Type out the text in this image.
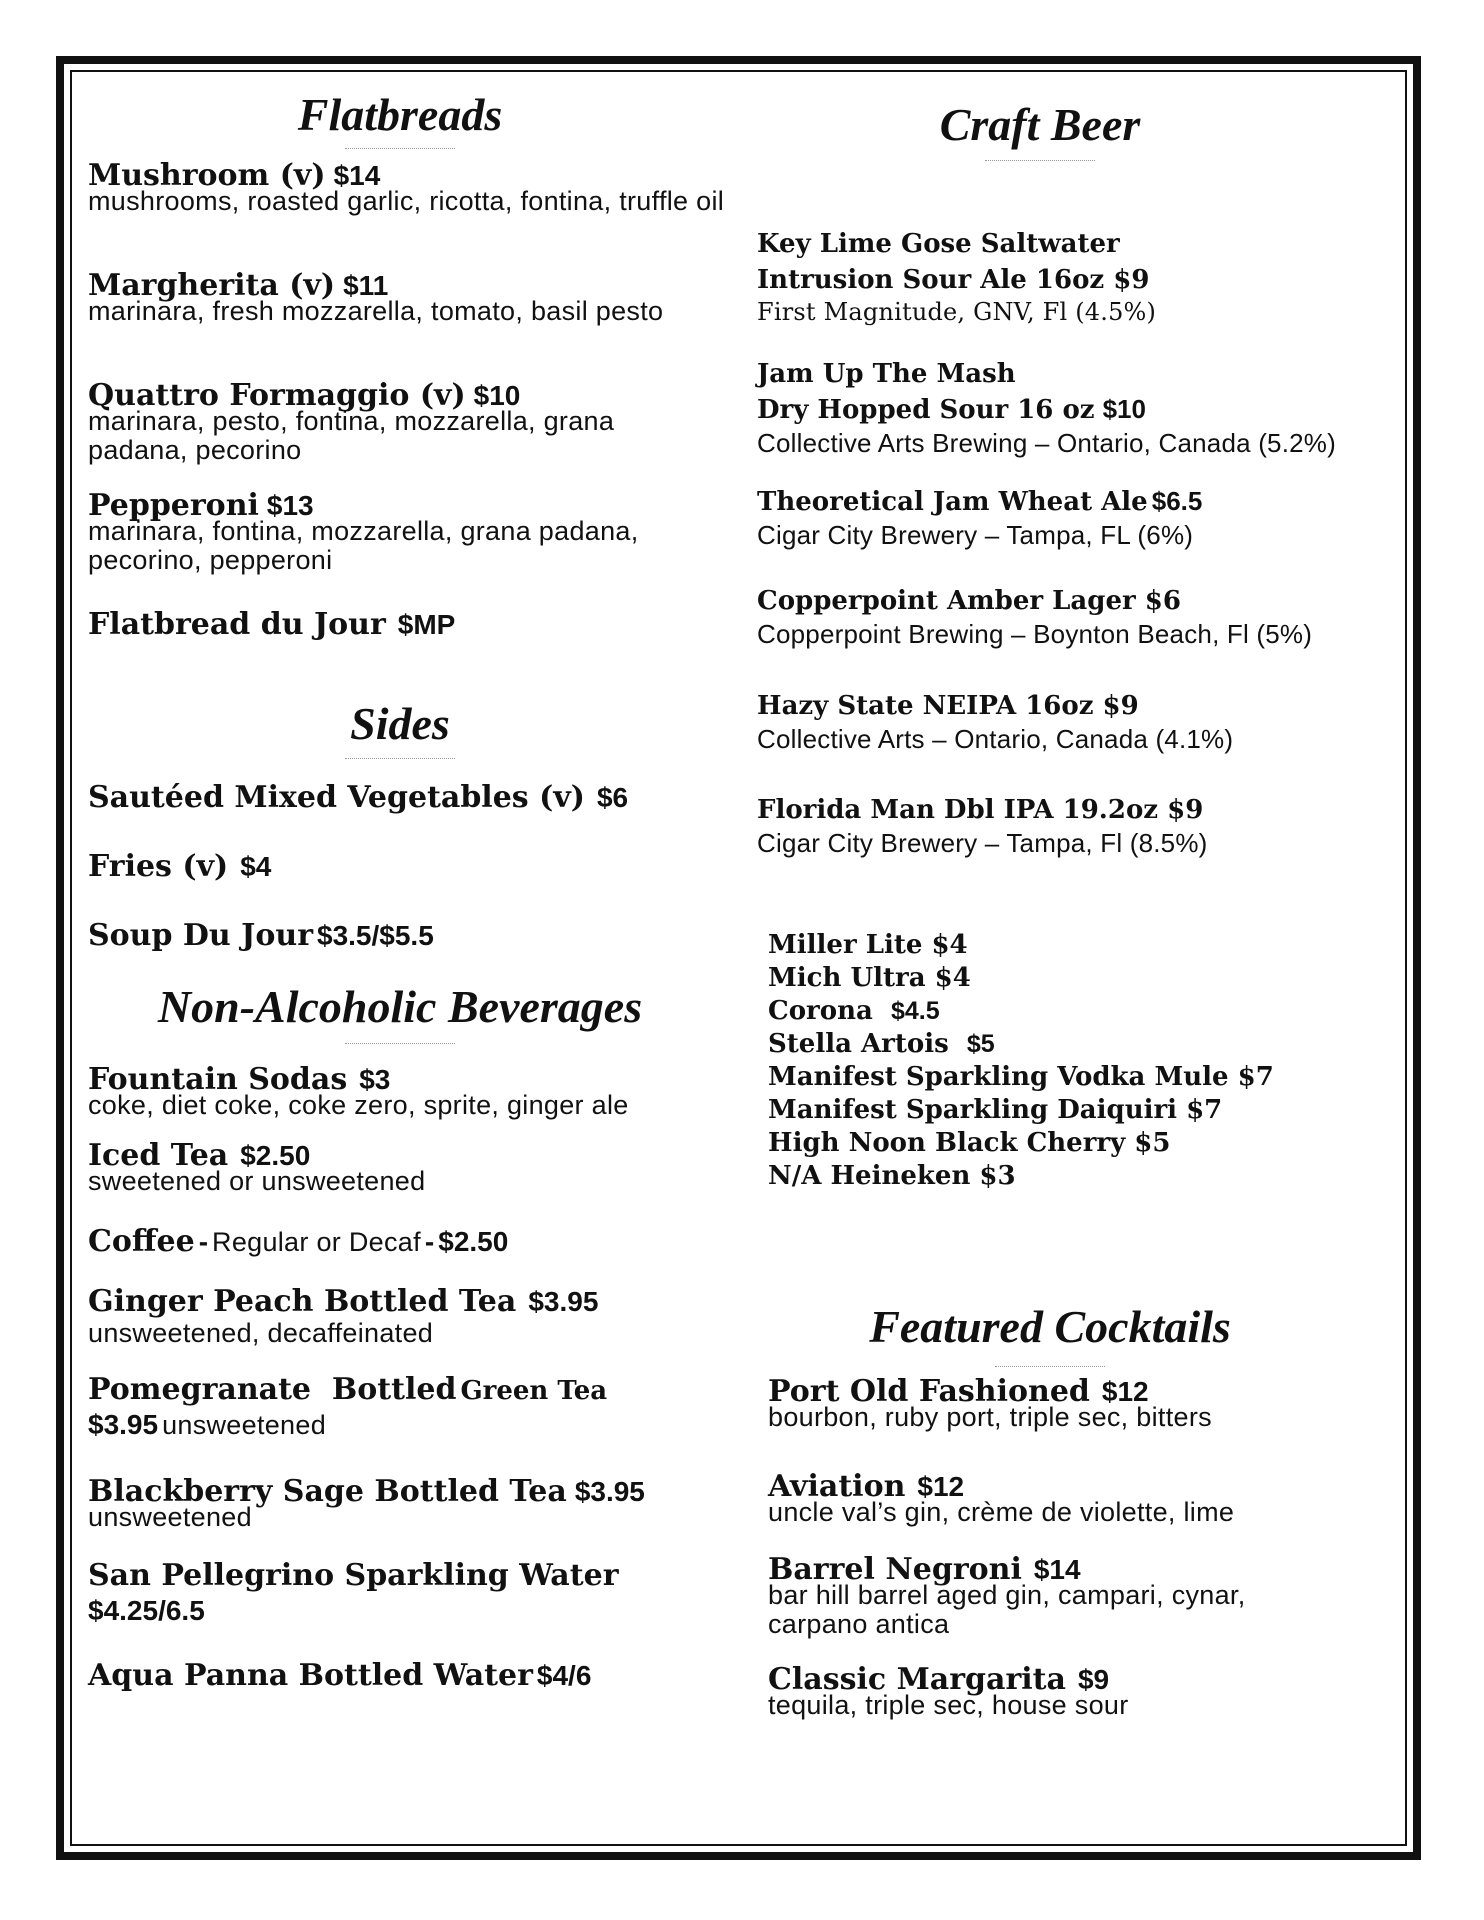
Flatbreads
Mushroom (v) $14
mushrooms, roasted garlic, ricotta, fontina, truffle oil
Margherita (v) $11
marinara, fresh mozzarella, tomato, basil pesto
Quattro Formaggio (v) $10
marinara, pesto, fontina, mozzarella, grana padana, pecorino
Pepperoni $13
marinara, fontina, mozzarella, grana padana, pecorino, pepperoni
Flatbread du Jour $MP
Sides
Sautéed Mixed Vegetables (v) $6
Fries (v) $4
Soup Du Jour $3.5/$5.5
Non-Alcoholic Beverages
Fountain Sodas $3
coke, diet coke, coke zero, sprite, ginger ale
Iced Tea $2.50
sweetened or unsweetened
Coffee - Regular or Decaf - $2.50
Ginger Peach Bottled Tea $3.95
unsweetened, decaffeinated
Pomegranate  Bottled Green Tea
$3.95 unsweetened
Blackberry Sage Bottled Tea $3.95
unsweetened
San Pellegrino Sparkling Water
$4.25/6.5
Aqua Panna Bottled Water $4/6
Craft Beer
Key Lime Gose Saltwater
Intrusion Sour Ale 16oz $9
First Magnitude, GNV, Fl (4.5%)
Jam Up The Mash
Dry Hopped Sour 16 oz $10
Collective Arts Brewing – Ontario, Canada (5.2%)
Theoretical Jam Wheat Ale $6.5
Cigar City Brewery – Tampa, FL (6%)
Copperpoint Amber Lager $6
Copperpoint Brewing – Boynton Beach, Fl (5%)
Hazy State NEIPA 16oz $9
Collective Arts – Ontario, Canada (4.1%)
Florida Man Dbl IPA 19.2oz $9
Cigar City Brewery – Tampa, Fl (8.5%)
Miller Lite $4
Mich Ultra $4
Corona $4.5
Stella Artois $5
Manifest Sparkling Vodka Mule $7
Manifest Sparkling Daiquiri $7
High Noon Black Cherry $5
N/A Heineken $3
Featured Cocktails
Port Old Fashioned $12
bourbon, ruby port, triple sec, bitters
Aviation $12
uncle val’s gin, crème de violette, lime
Barrel Negroni $14
bar hill barrel aged gin, campari, cynar, carpano antica
Classic Margarita $9
tequila, triple sec, house sour
